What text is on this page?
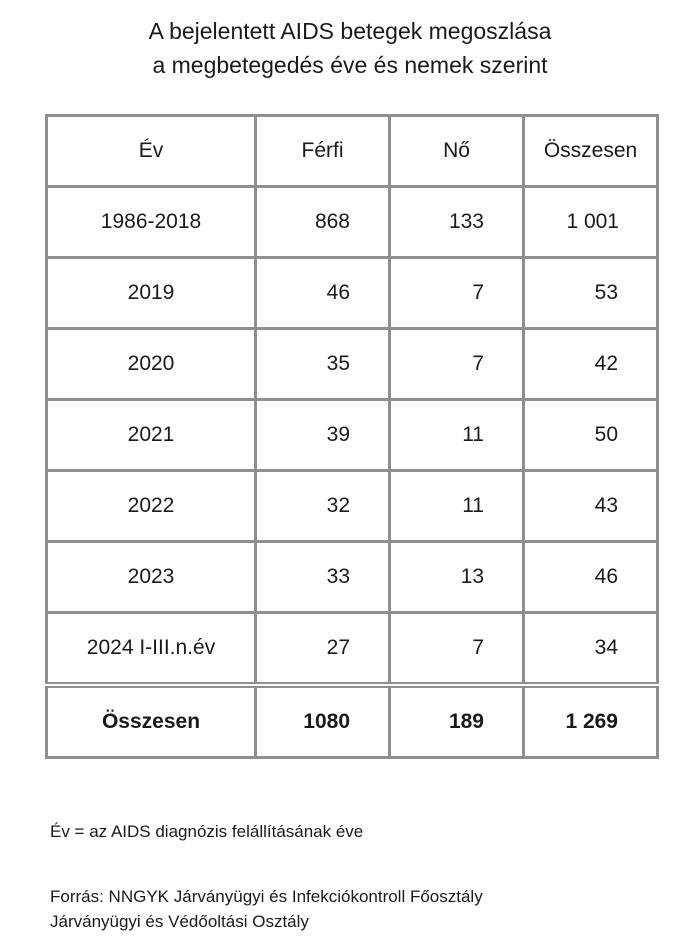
A bejelentett AIDS betegek megoszlása
a megbetegedés éve és nemek szerint
Év	Férfi	Nő	Összesen
1986-2018	868	133	1 001
2019	46	7	53
2020	35	7	42
2021	39	11	50
2022	32	11	43
2023	33	13	46
2024 I-III.n.év	27	7	34
Összesen	1080	189	1 269
Év = az AIDS diagnózis felállításának éve
Forrás: NNGYK Járványügyi és Infekciókontroll Főosztály
Járványügyi és Védőoltási Osztály
